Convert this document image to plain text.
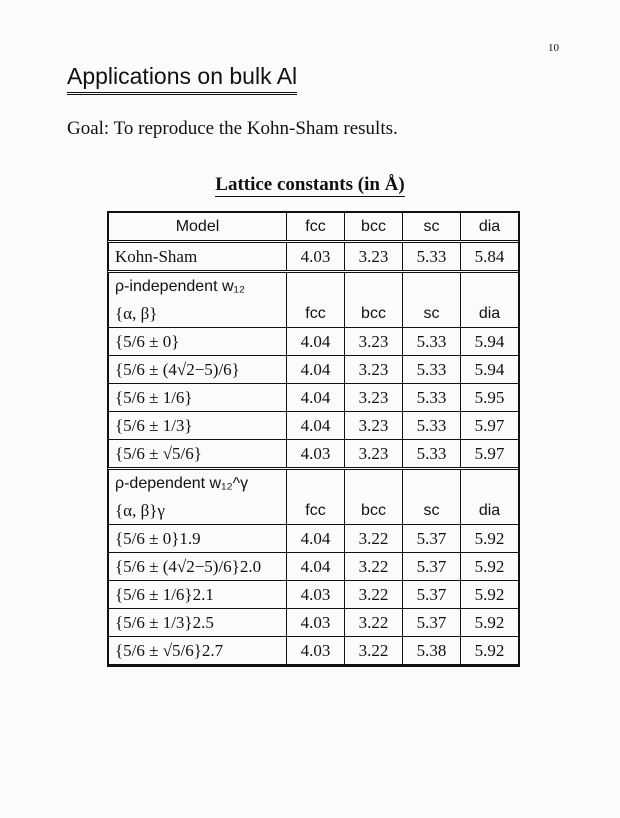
10
Applications on bulk Al
Goal: To reproduce the Kohn-Sham results.
Lattice constants (in Å)
Model	fcc	bcc	sc	dia
Kohn-Sham	4.03	3.23	5.33	5.84
ρ-independent w₁₂				
{α, β}	fcc	bcc	sc	dia
{5/6 ± 0}	4.04	3.23	5.33	5.94
{5/6 ± (4√2−5)/6}	4.04	3.23	5.33	5.94
{5/6 ± 1/6}	4.04	3.23	5.33	5.95
{5/6 ± 1/3}	4.04	3.23	5.33	5.97
{5/6 ± √5/6}	4.03	3.23	5.33	5.97
ρ-dependent w₁₂^γ				
{α, β}γ	fcc	bcc	sc	dia
{5/6 ± 0}1.9	4.04	3.22	5.37	5.92
{5/6 ± (4√2−5)/6}2.0	4.04	3.22	5.37	5.92
{5/6 ± 1/6}2.1	4.03	3.22	5.37	5.92
{5/6 ± 1/3}2.5	4.03	3.22	5.37	5.92
{5/6 ± √5/6}2.7	4.03	3.22	5.38	5.92
